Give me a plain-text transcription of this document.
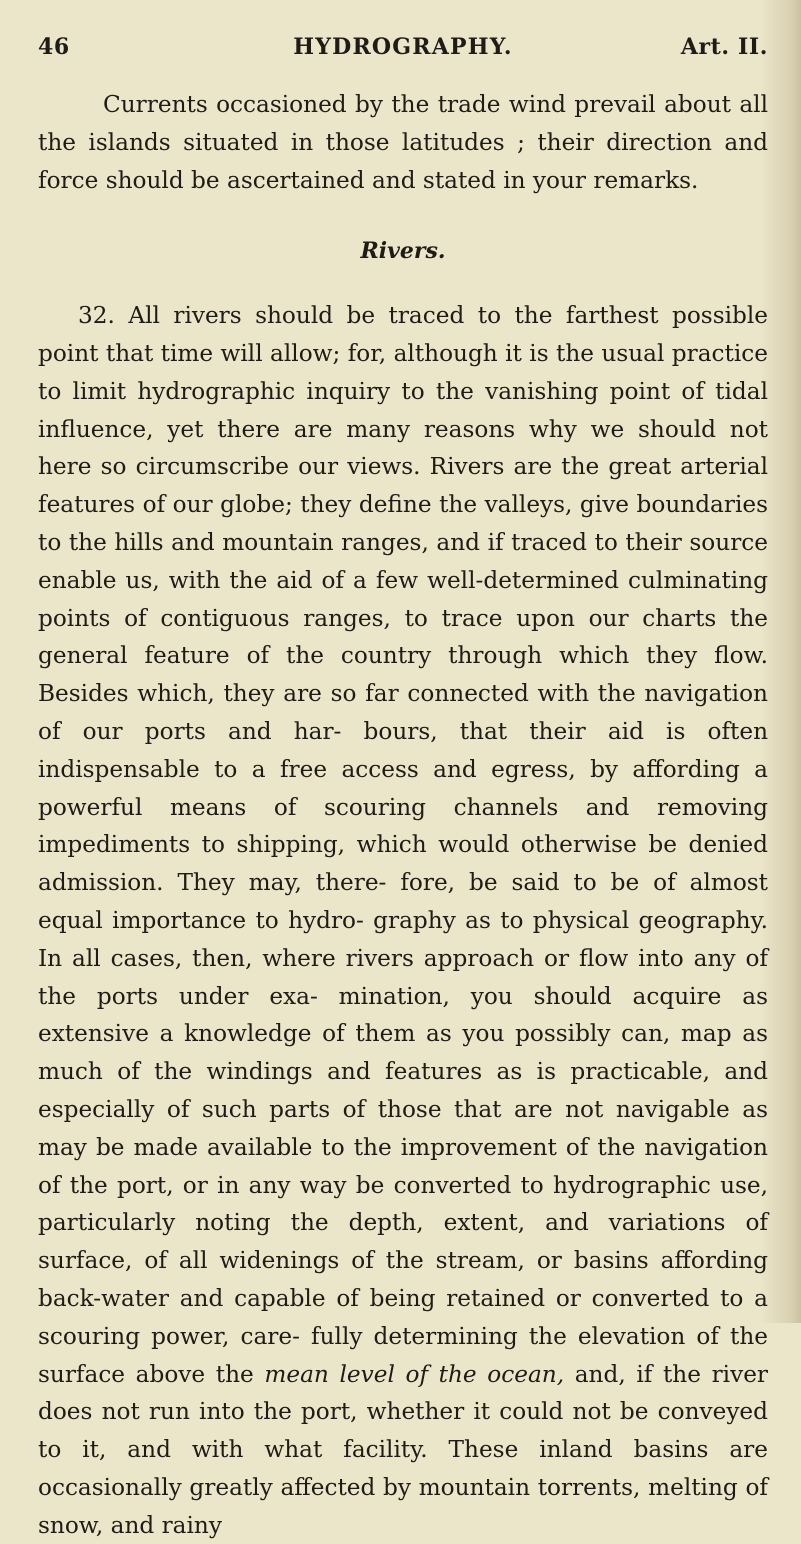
46	HYDROGRAPHY.	Art. II.

Currents occasioned by the trade wind prevail about all the islands situated in those latitudes ; their direction and force should be ascertained and stated in your remarks.

Rivers.

32. All rivers should be traced to the farthest possible point that time will allow; for, although it is the usual practice to limit hydrographic inquiry to the vanishing point of tidal influence, yet there are many reasons why we should not here so circumscribe our views. Rivers are the great arterial features of our globe; they define the valleys, give boundaries to the hills and mountain ranges, and if traced to their source enable us, with the aid of a few well-determined culminating points of contiguous ranges, to trace upon our charts the general feature of the country through which they flow. Besides which, they are so far connected with the navigation of our ports and har- bours, that their aid is often indispensable to a free access and egress, by affording a powerful means of scouring channels and removing impediments to shipping, which would otherwise be denied admission. They may, there- fore, be said to be of almost equal importance to hydro- graphy as to physical geography. In all cases, then, where rivers approach or flow into any of the ports under exa- mination, you should acquire as extensive a knowledge of them as you possibly can, map as much of the windings and features as is practicable, and especially of such parts of those that are not navigable as may be made available to the improvement of the navigation of the port, or in any way be converted to hydrographic use, particularly noting the depth, extent, and variations of surface, of all widenings of the stream, or basins affording back-water and capable of being retained or converted to a scouring power, care- fully determining the elevation of the surface above the mean level of the ocean, and, if the river does not run into the port, whether it could not be conveyed to it, and with what facility. These inland basins are occasionally greatly affected by mountain torrents, melting of snow, and rainy
